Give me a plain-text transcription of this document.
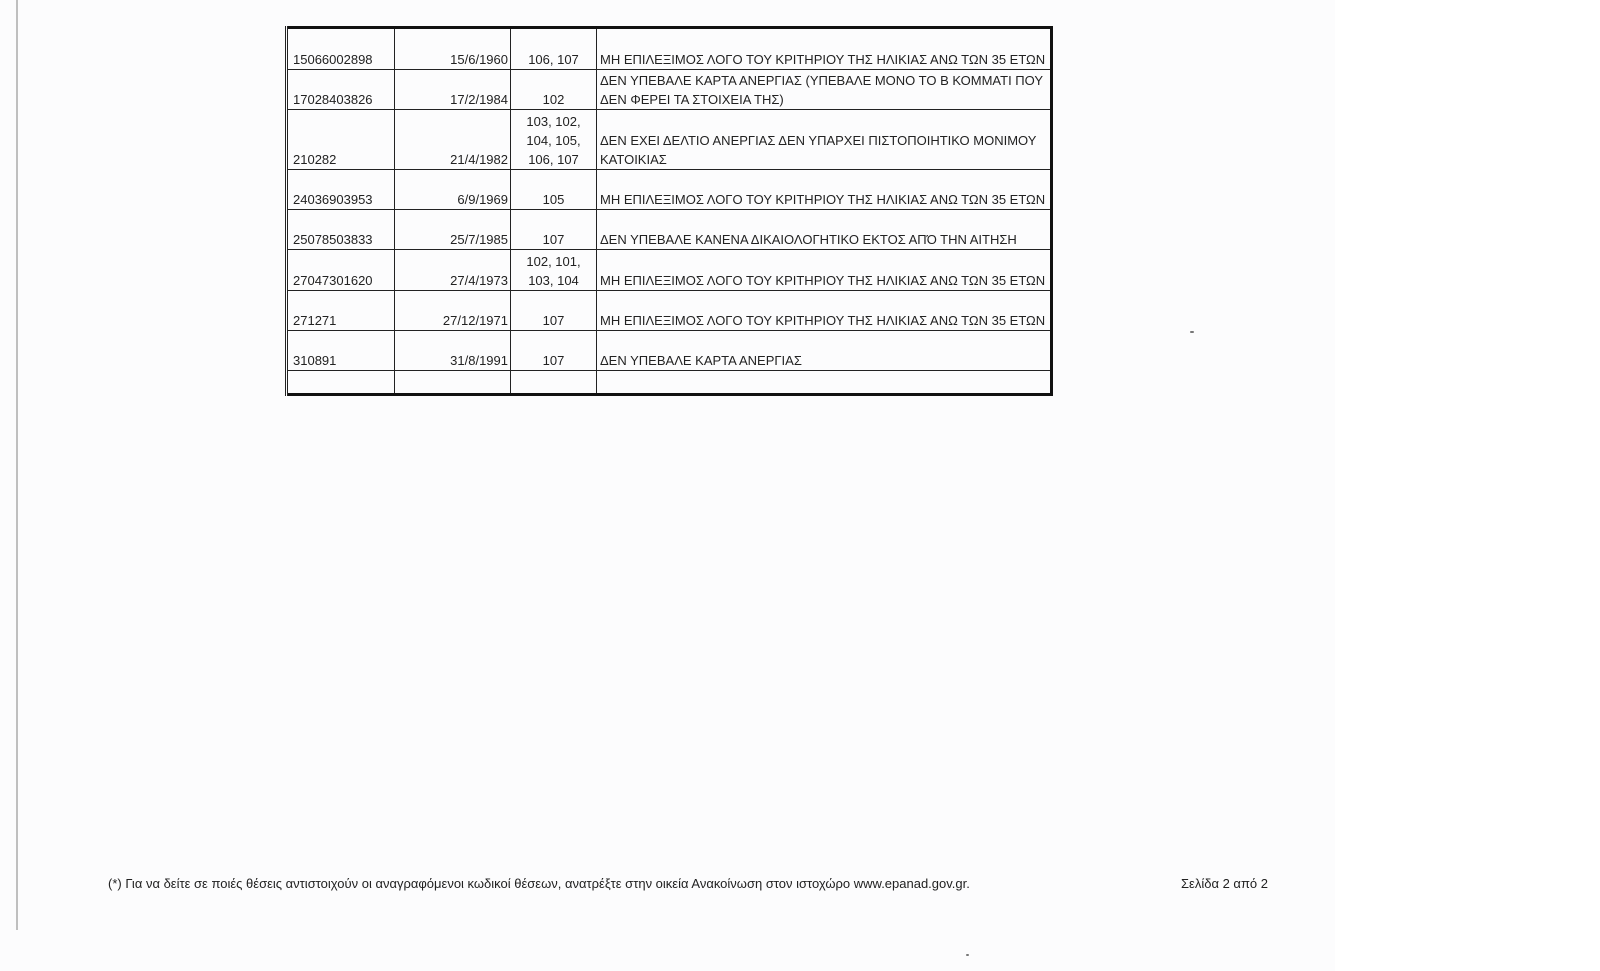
15066002898	15/6/1960	106, 107	ΜΗ ΕΠΙΛΕΞΙΜΟΣ ΛΟΓΟ ΤΟΥ ΚΡΙΤΗΡΙΟΥ ΤΗΣ ΗΛΙΚΙΑΣ ΑΝΩ ΤΩΝ 35 ΕΤΩΝ
17028403826	17/2/1984	102	ΔΕΝ ΥΠΕΒΑΛΕ ΚΑΡΤΑ ΑΝΕΡΓΙΑΣ (ΥΠΕΒΑΛΕ ΜΟΝΟ ΤΟ Β ΚΟΜΜΑΤΙ ΠΟΥ ΔΕΝ ΦΕΡΕΙ ΤΑ ΣΤΟΙΧΕΙΑ ΤΗΣ)
210282	21/4/1982	103, 102,
104, 105,
106, 107	ΔΕΝ ΕΧΕΙ ΔΕΛΤΙΟ ΑΝΕΡΓΙΑΣ ΔΕΝ ΥΠΑΡΧΕΙ ΠΙΣΤΟΠΟΙΗΤΙΚΟ ΜΟΝΙΜΟΥ ΚΑΤΟΙΚΙΑΣ
24036903953	6/9/1969	105	ΜΗ ΕΠΙΛΕΞΙΜΟΣ ΛΟΓΟ ΤΟΥ ΚΡΙΤΗΡΙΟΥ ΤΗΣ ΗΛΙΚΙΑΣ ΑΝΩ ΤΩΝ 35 ΕΤΩΝ
25078503833	25/7/1985	107	ΔΕΝ ΥΠΕΒΑΛΕ ΚΑΝΕΝΑ ΔΙΚΑΙΟΛΟΓΗΤΙΚΟ ΕΚΤΟΣ ΑΠΌ ΤΗΝ ΑΙΤΗΣΗ
27047301620	27/4/1973	102, 101,
103, 104	ΜΗ ΕΠΙΛΕΞΙΜΟΣ ΛΟΓΟ ΤΟΥ ΚΡΙΤΗΡΙΟΥ ΤΗΣ ΗΛΙΚΙΑΣ ΑΝΩ ΤΩΝ 35 ΕΤΩΝ
271271	27/12/1971	107	ΜΗ ΕΠΙΛΕΞΙΜΟΣ ΛΟΓΟ ΤΟΥ ΚΡΙΤΗΡΙΟΥ ΤΗΣ ΗΛΙΚΙΑΣ ΑΝΩ ΤΩΝ 35 ΕΤΩΝ
310891	31/8/1991	107	ΔΕΝ ΥΠΕΒΑΛΕ ΚΑΡΤΑ ΑΝΕΡΓΙΑΣ

(*) Για να δείτε σε ποιές θέσεις αντιστοιχούν οι αναγραφόμενοι κωδικοί θέσεων, ανατρέξτε στην οικεία Ανακοίνωση στον ιστοχώρο www.epanad.gov.gr.	Σελίδα 2 από 2
